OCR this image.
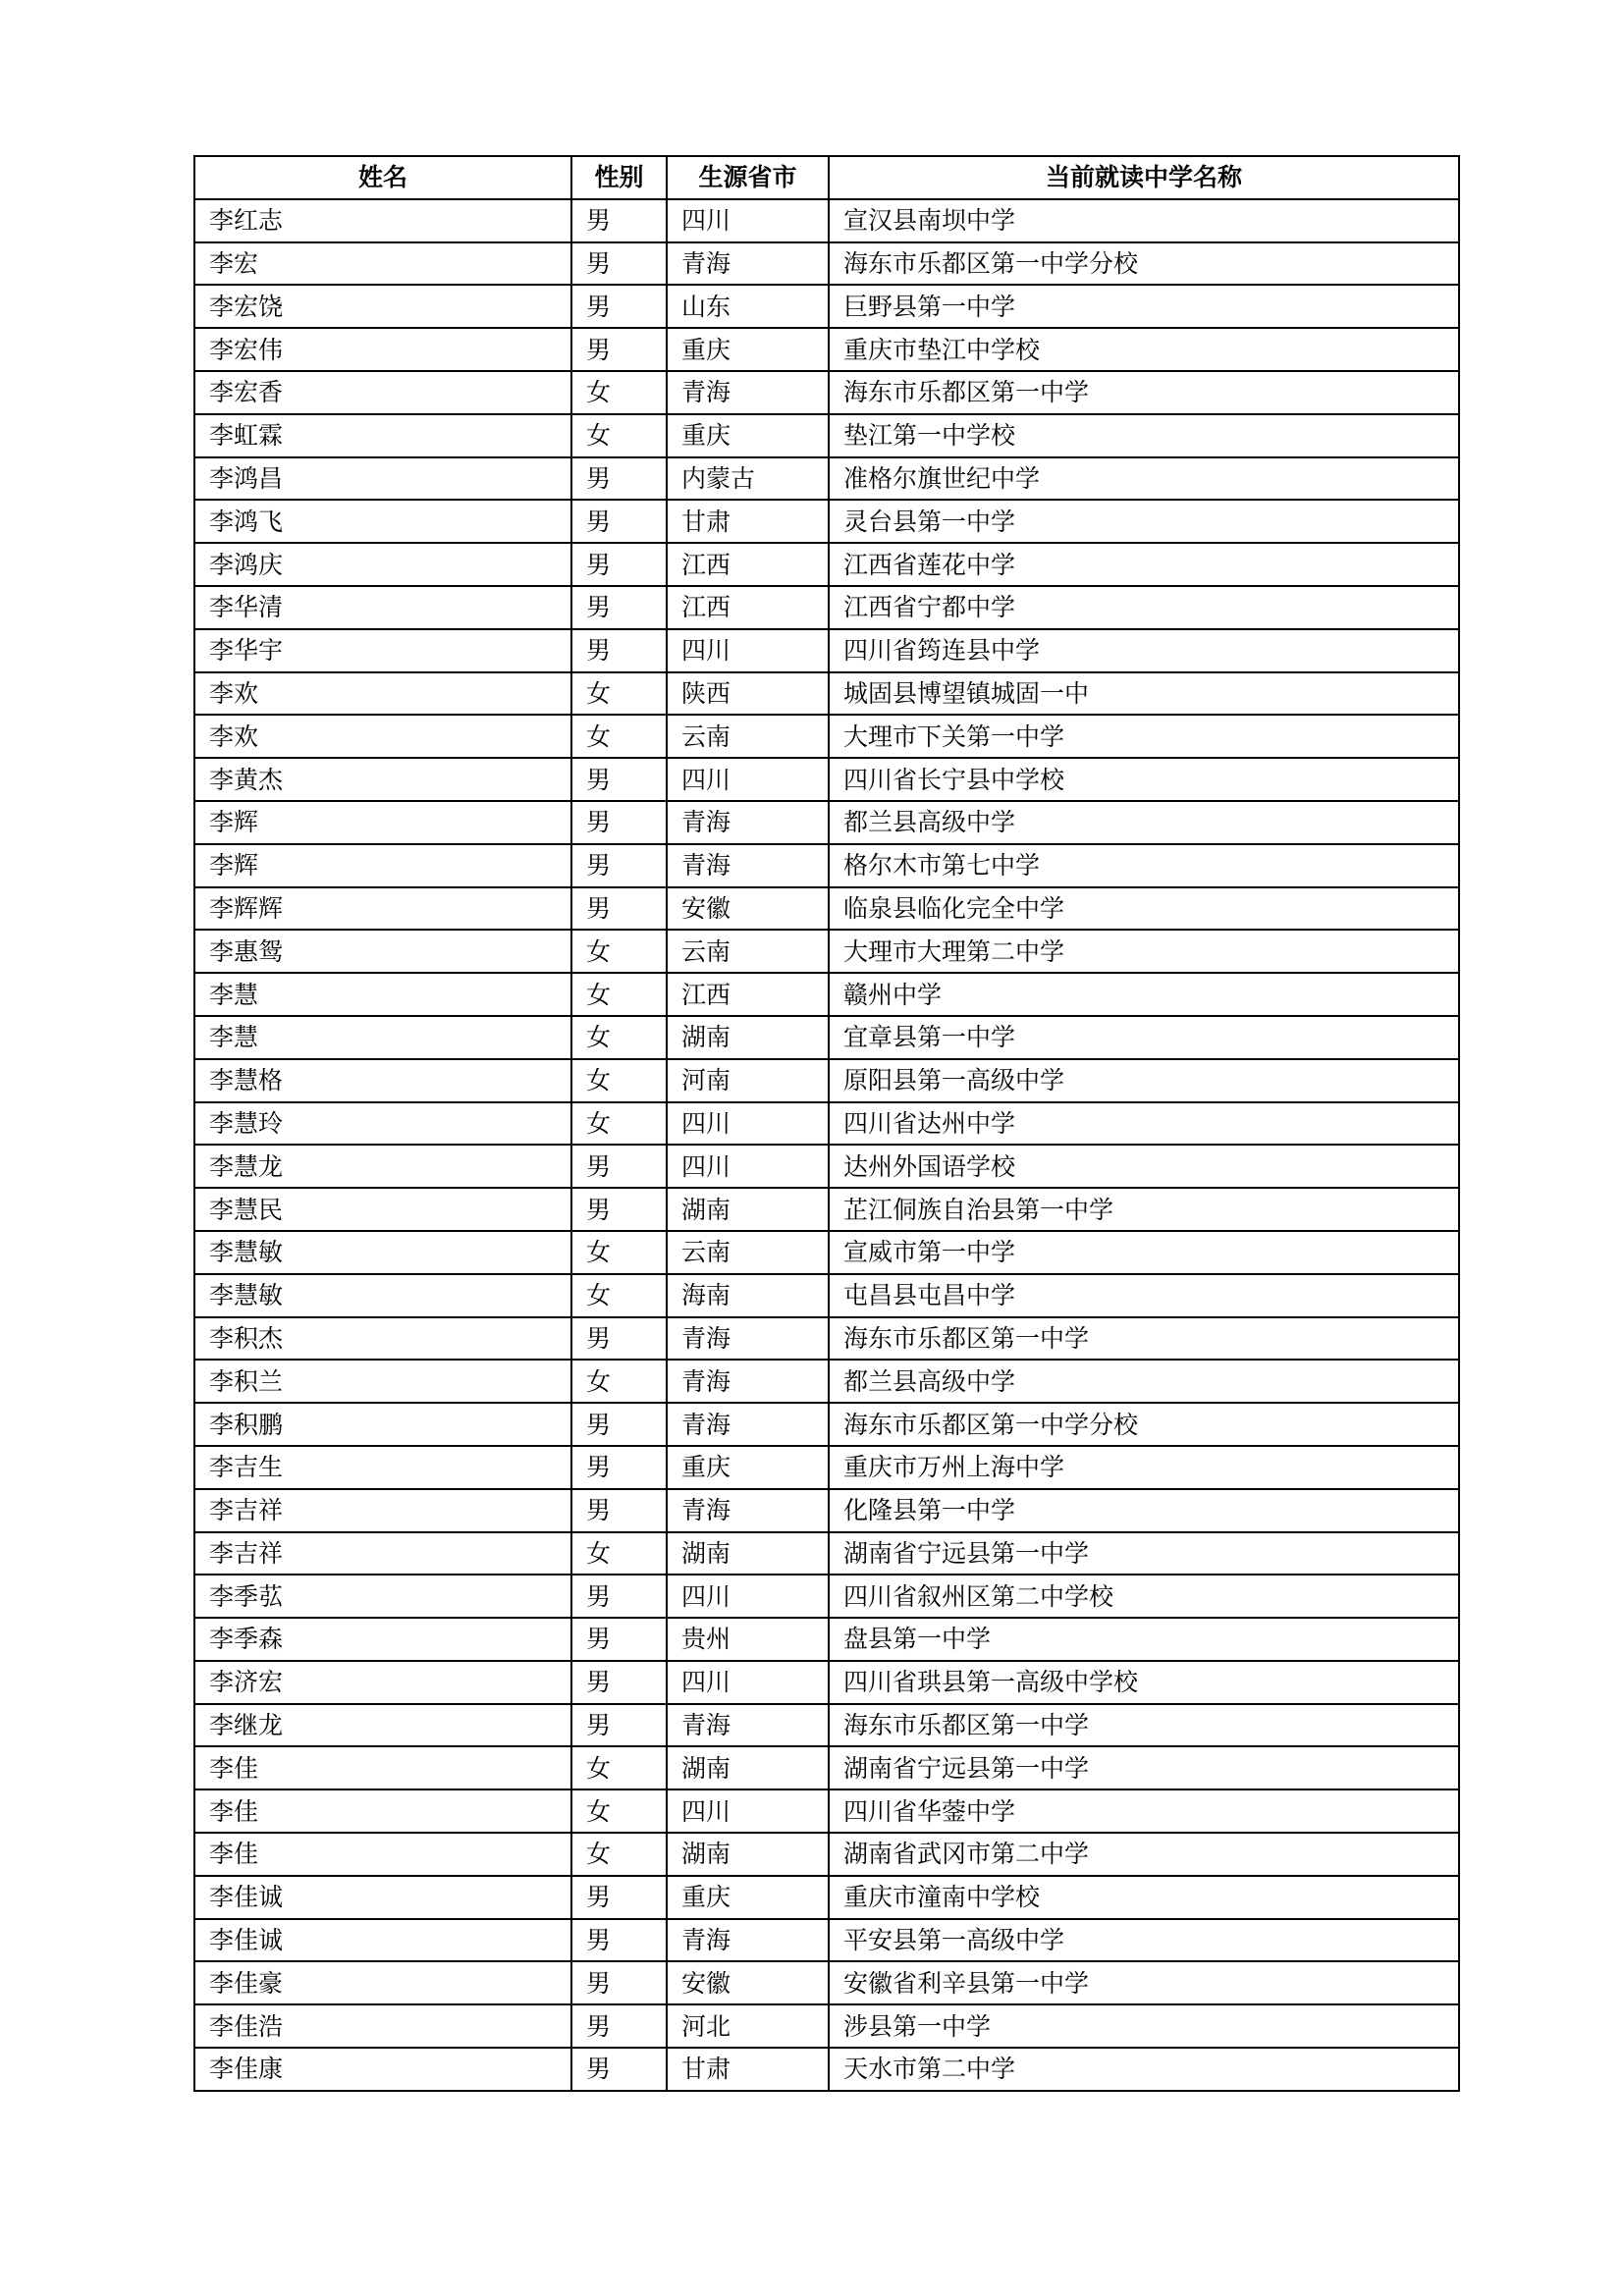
姓名	性别	生源省市	当前就读中学名称
李红志	男	四川	宣汉县南坝中学
李宏	男	青海	海东市乐都区第一中学分校
李宏饶	男	山东	巨野县第一中学
李宏伟	男	重庆	重庆市垫江中学校
李宏香	女	青海	海东市乐都区第一中学
李虹霖	女	重庆	垫江第一中学校
李鸿昌	男	内蒙古	准格尔旗世纪中学
李鸿飞	男	甘肃	灵台县第一中学
李鸿庆	男	江西	江西省莲花中学
李华清	男	江西	江西省宁都中学
李华宇	男	四川	四川省筠连县中学
李欢	女	陕西	城固县博望镇城固一中
李欢	女	云南	大理市下关第一中学
李黄杰	男	四川	四川省长宁县中学校
李辉	男	青海	都兰县高级中学
李辉	男	青海	格尔木市第七中学
李辉辉	男	安徽	临泉县临化完全中学
李惠鸳	女	云南	大理市大理第二中学
李慧	女	江西	赣州中学
李慧	女	湖南	宜章县第一中学
李慧格	女	河南	原阳县第一高级中学
李慧玲	女	四川	四川省达州中学
李慧龙	男	四川	达州外国语学校
李慧民	男	湖南	芷江侗族自治县第一中学
李慧敏	女	云南	宣威市第一中学
李慧敏	女	海南	屯昌县屯昌中学
李积杰	男	青海	海东市乐都区第一中学
李积兰	女	青海	都兰县高级中学
李积鹏	男	青海	海东市乐都区第一中学分校
李吉生	男	重庆	重庆市万州上海中学
李吉祥	男	青海	化隆县第一中学
李吉祥	女	湖南	湖南省宁远县第一中学
李季苰	男	四川	四川省叙州区第二中学校
李季森	男	贵州	盘县第一中学
李济宏	男	四川	四川省珙县第一高级中学校
李继龙	男	青海	海东市乐都区第一中学
李佳	女	湖南	湖南省宁远县第一中学
李佳	女	四川	四川省华蓥中学
李佳	女	湖南	湖南省武冈市第二中学
李佳诚	男	重庆	重庆市潼南中学校
李佳诚	男	青海	平安县第一高级中学
李佳豪	男	安徽	安徽省利辛县第一中学
李佳浩	男	河北	涉县第一中学
李佳康	男	甘肃	天水市第二中学
